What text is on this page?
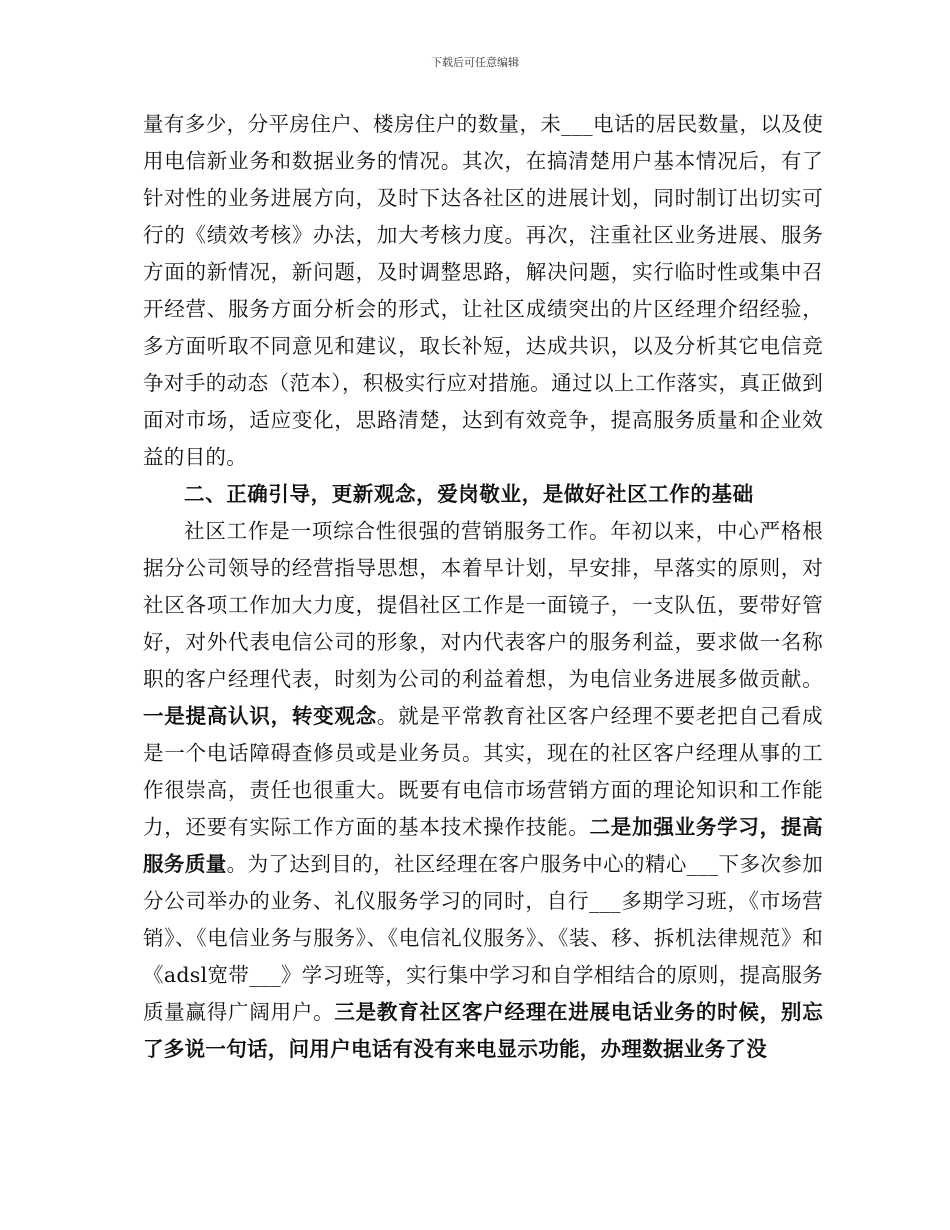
下载后可任意编辑

量有多少，分平房住户、楼房住户的数量，未___电话的居民数量，以及使用电信新业务和数据业务的情况。其次，在搞清楚用户基本情况后，有了针对性的业务进展方向，及时下达各社区的进展计划，同时制订出切实可行的《绩效考核》办法，加大考核力度。再次，注重社区业务进展、服务方面的新情况，新问题，及时调整思路，解决问题，实行临时性或集中召开经营、服务方面分析会的形式，让社区成绩突出的片区经理介绍经验，多方面听取不同意见和建议，取长补短，达成共识，以及分析其它电信竞争对手的动态（范本），积极实行应对措施。通过以上工作落实，真正做到面对市场，适应变化，思路清楚，达到有效竞争，提高服务质量和企业效益的目的。

二、正确引导，更新观念，爱岗敬业，是做好社区工作的基础

社区工作是一项综合性很强的营销服务工作。年初以来，中心严格根据分公司领导的经营指导思想，本着早计划，早安排，早落实的原则，对社区各项工作加大力度，提倡社区工作是一面镜子，一支队伍，要带好管好，对外代表电信公司的形象，对内代表客户的服务利益，要求做一名称职的客户经理代表，时刻为公司的利益着想，为电信业务进展多做贡献。一是提高认识，转变观念。就是平常教育社区客户经理不要老把自己看成是一个电话障碍查修员或是业务员。其实，现在的社区客户经理从事的工作很崇高，责任也很重大。既要有电信市场营销方面的理论知识和工作能力，还要有实际工作方面的基本技术操作技能。二是加强业务学习，提高服务质量。为了达到目的，社区经理在客户服务中心的精心___下多次参加分公司举办的业务、礼仪服务学习的同时，自行___多期学习班，《市场营销》、《电信业务与服务》、《电信礼仪服务》、《装、移、拆机法律规范》和《adsl宽带___》学习班等，实行集中学习和自学相结合的原则，提高服务质量赢得广阔用户。三是教育社区客户经理在进展电话业务的时候，别忘了多说一句话，问用户电话有没有来电显示功能，办理数据业务了没
